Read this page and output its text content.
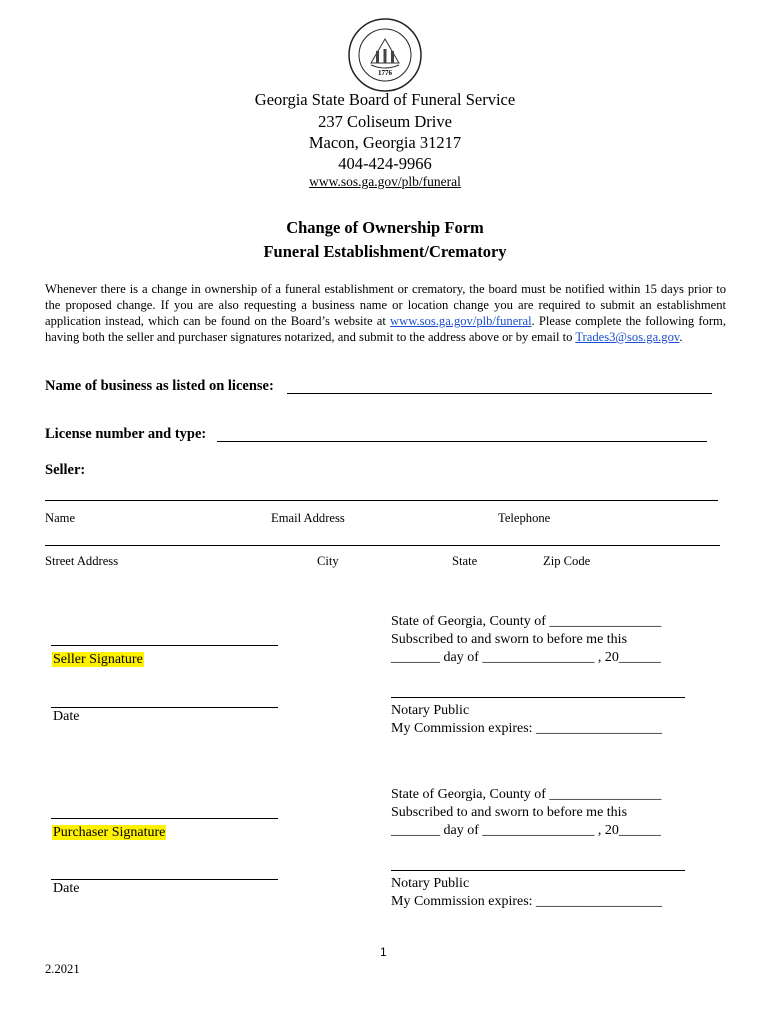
1776
Georgia State Board of Funeral Service
237 Coliseum Drive
Macon, Georgia 31217
404-424-9966
www.sos.ga.gov/plb/funeral
Change of Ownership Form
Funeral Establishment/Crematory
Whenever there is a change in ownership of a funeral establishment or crematory, the board must be notified within 15 days prior to the proposed change. If you are also requesting a business name or location change you are required to submit an establishment application instead, which can be found on the Board’s website at www.sos.ga.gov/plb/funeral. Please complete the following form, having both the seller and purchaser signatures notarized, and submit to the address above or by email to Trades3@sos.ga.gov.
Name of business as listed on license:
License number and type:
Seller:
Name	Email Address	Telephone
Street Address	City	State	Zip Code
Seller Signature
Date
State of Georgia, County of ________________
Subscribed to and sworn to before me this
_______ day of ________________ , 20______
Notary Public
My Commission expires: __________________
Purchaser Signature
Date
State of Georgia, County of ________________
Subscribed to and sworn to before me this
_______ day of ________________ , 20______
Notary Public
My Commission expires: __________________
1
2.2021
